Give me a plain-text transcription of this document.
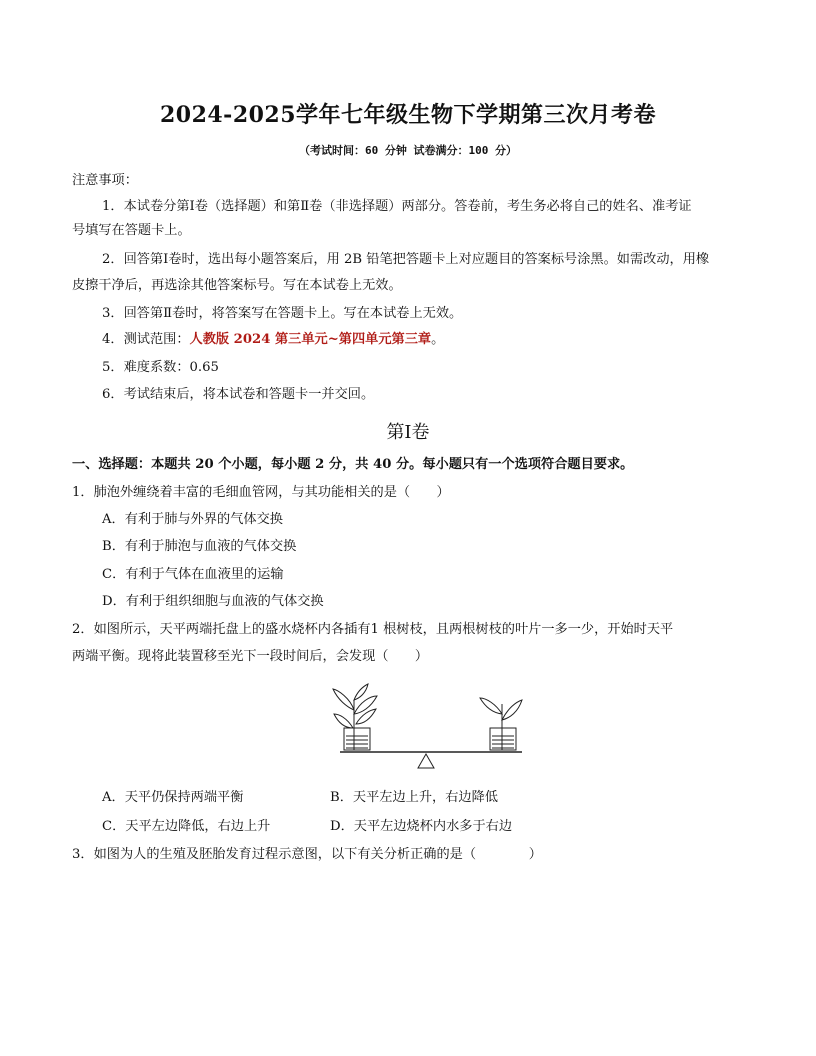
2024-2025学年七年级生物下学期第三次月考卷
（考试时间：60 分钟 试卷满分：100 分）
注意事项：
1．本试卷分第Ⅰ卷（选择题）和第Ⅱ卷（非选择题）两部分。答卷前，考生务必将自己的姓名、准考证
号填写在答题卡上。
2．回答第Ⅰ卷时，选出每小题答案后，用 2B 铅笔把答题卡上对应题目的答案标号涂黑。如需改动，用橡
皮擦干净后，再选涂其他答案标号。写在本试卷上无效。
3．回答第Ⅱ卷时，将答案写在答题卡上。写在本试卷上无效。
4．测试范围：人教版 2024 第三单元~第四单元第三章。
5．难度系数：0.65
6．考试结束后，将本试卷和答题卡一并交回。
第Ⅰ卷
一、选择题：本题共 20 个小题，每小题 2 分，共 40 分。每小题只有一个选项符合题目要求。
1．肺泡外缠绕着丰富的毛细血管网，与其功能相关的是（　　）
A．有利于肺与外界的气体交换
B．有利于肺泡与血液的气体交换
C．有利于气体在血液里的运输
D．有利于组织细胞与血液的气体交换
2．如图所示，天平两端托盘上的盛水烧杯内各插有1 根树枝，且两根树枝的叶片一多一少，开始时天平
两端平衡。现将此装置移至光下一段时间后，会发现（　　）
A．天平仍保持两端平衡	B．天平左边上升，右边降低
C．天平左边降低，右边上升	D．天平左边烧杯内水多于右边
3．如图为人的生殖及胚胎发育过程示意图，以下有关分析正确的是（　　　　）
